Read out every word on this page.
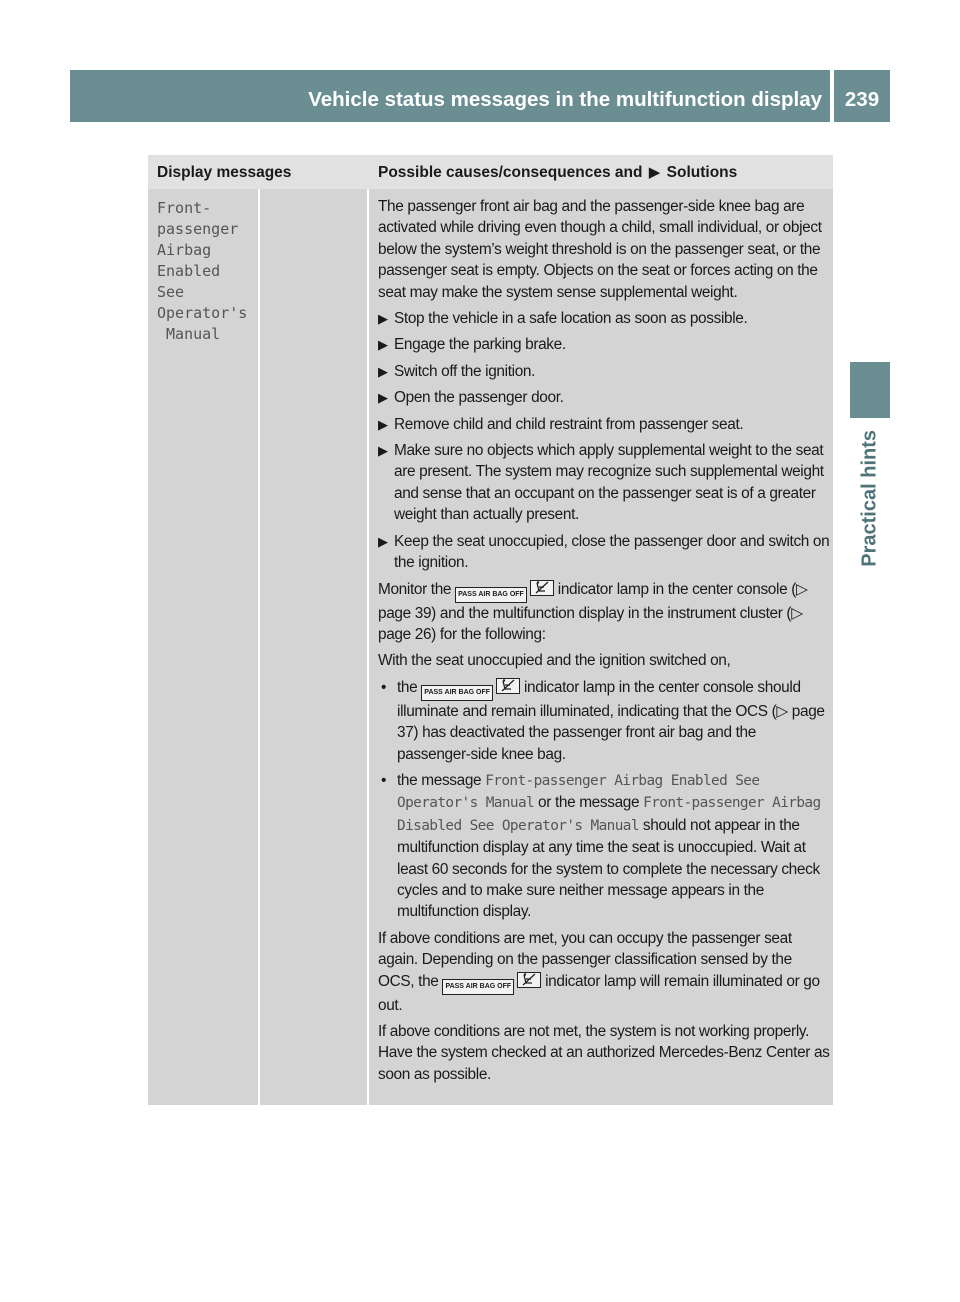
Vehicle status messages in the multifunction display	239
Practical hints
Display messages	Possible causes/consequences and ▶ Solutions
Front-
passenger
Airbag
Enabled
See
Operator's
Manual

The passenger front air bag and the passenger-side knee bag are activated while driving even though a child, small individual, or object below the system’s weight threshold is on the passenger seat, or the passenger seat is empty. Objects on the seat or forces acting on the seat may make the system sense supplemental weight.

▶ Stop the vehicle in a safe location as soon as possible.
▶ Engage the parking brake.
▶ Switch off the ignition.
▶ Open the passenger door.
▶ Remove child and child restraint from passenger seat.
▶ Make sure no objects which apply supplemental weight to the seat are present. The system may recognize such supplemental weight and sense that an occupant on the passenger seat is of a greater weight than actually present.
▶ Keep the seat unoccupied, close the passenger door and switch on the ignition.

Monitor the PASS AIR BAG OFF indicator lamp in the center console (▷ page 39) and the multifunction display in the instrument cluster (▷ page 26) for the following:

With the seat unoccupied and the ignition switched on,

• the PASS AIR BAG OFF indicator lamp in the center console should illuminate and remain illuminated, indicating that the OCS (▷ page 37) has deactivated the passenger front air bag and the passenger-side knee bag.
• the message Front-passenger Airbag Enabled See Operator's Manual or the message Front-passenger Airbag Disabled See Operator's Manual should not appear in the multifunction display at any time the seat is unoccupied. Wait at least 60 seconds for the system to complete the necessary check cycles and to make sure neither message appears in the multifunction display.

If above conditions are met, you can occupy the passenger seat again. Depending on the passenger classification sensed by the OCS, the PASS AIR BAG OFF indicator lamp will remain illuminated or go out.

If above conditions are not met, the system is not working properly. Have the system checked at an authorized Mercedes-Benz Center as soon as possible.
